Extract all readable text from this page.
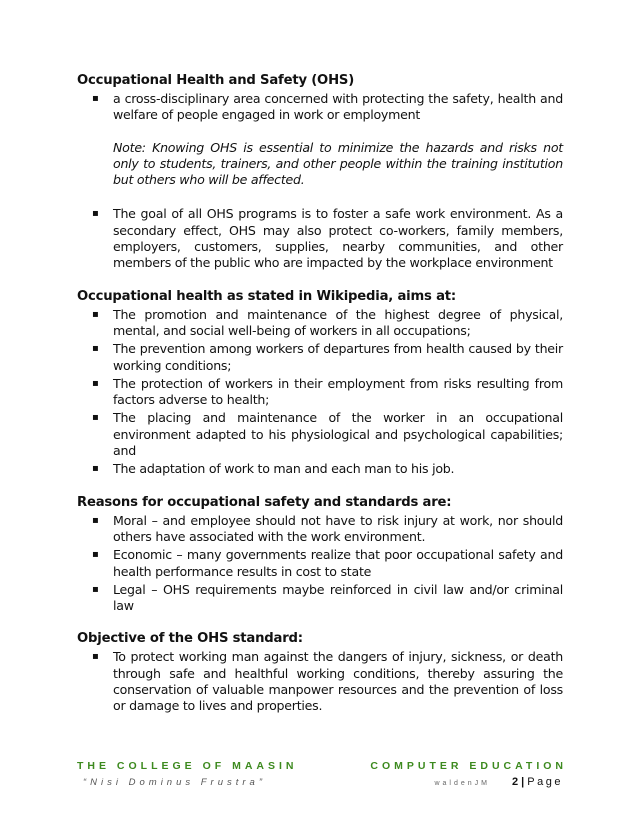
Occupational Health and Safety (OHS)
▪ a cross-disciplinary area concerned with protecting the safety, health and welfare of people engaged in work or employment
Note: Knowing OHS is essential to minimize the hazards and risks not only to students, trainers, and other people within the training institution but others who will be affected.
▪ The goal of all OHS programs is to foster a safe work environment. As a secondary effect, OHS may also protect co-workers, family members, employers, customers, supplies, nearby communities, and other members of the public who are impacted by the workplace environment
Occupational health as stated in Wikipedia, aims at:
▪ The promotion and maintenance of the highest degree of physical, mental, and social well-being of workers in all occupations;
▪ The prevention among workers of departures from health caused by their working conditions;
▪ The protection of workers in their employment from risks resulting from factors adverse to health;
▪ The placing and maintenance of the worker in an occupational environment adapted to his physiological and psychological capabilities; and
▪ The adaptation of work to man and each man to his job.
Reasons for occupational safety and standards are:
▪ Moral – and employee should not have to risk injury at work, nor should others have associated with the work environment.
▪ Economic – many governments realize that poor occupational safety and health performance results in cost to state
▪ Legal – OHS requirements maybe reinforced in civil law and/or criminal law
Objective of the OHS standard:
▪ To protect working man against the dangers of injury, sickness, or death through safe and healthful working conditions, thereby assuring the conservation of valuable manpower resources and the prevention of loss or damage to lives and properties.
THE COLLEGE OF MAASIN	COMPUTER EDUCATION
“Nisi Dominus Frustra”	waldenJM 2 | Page
